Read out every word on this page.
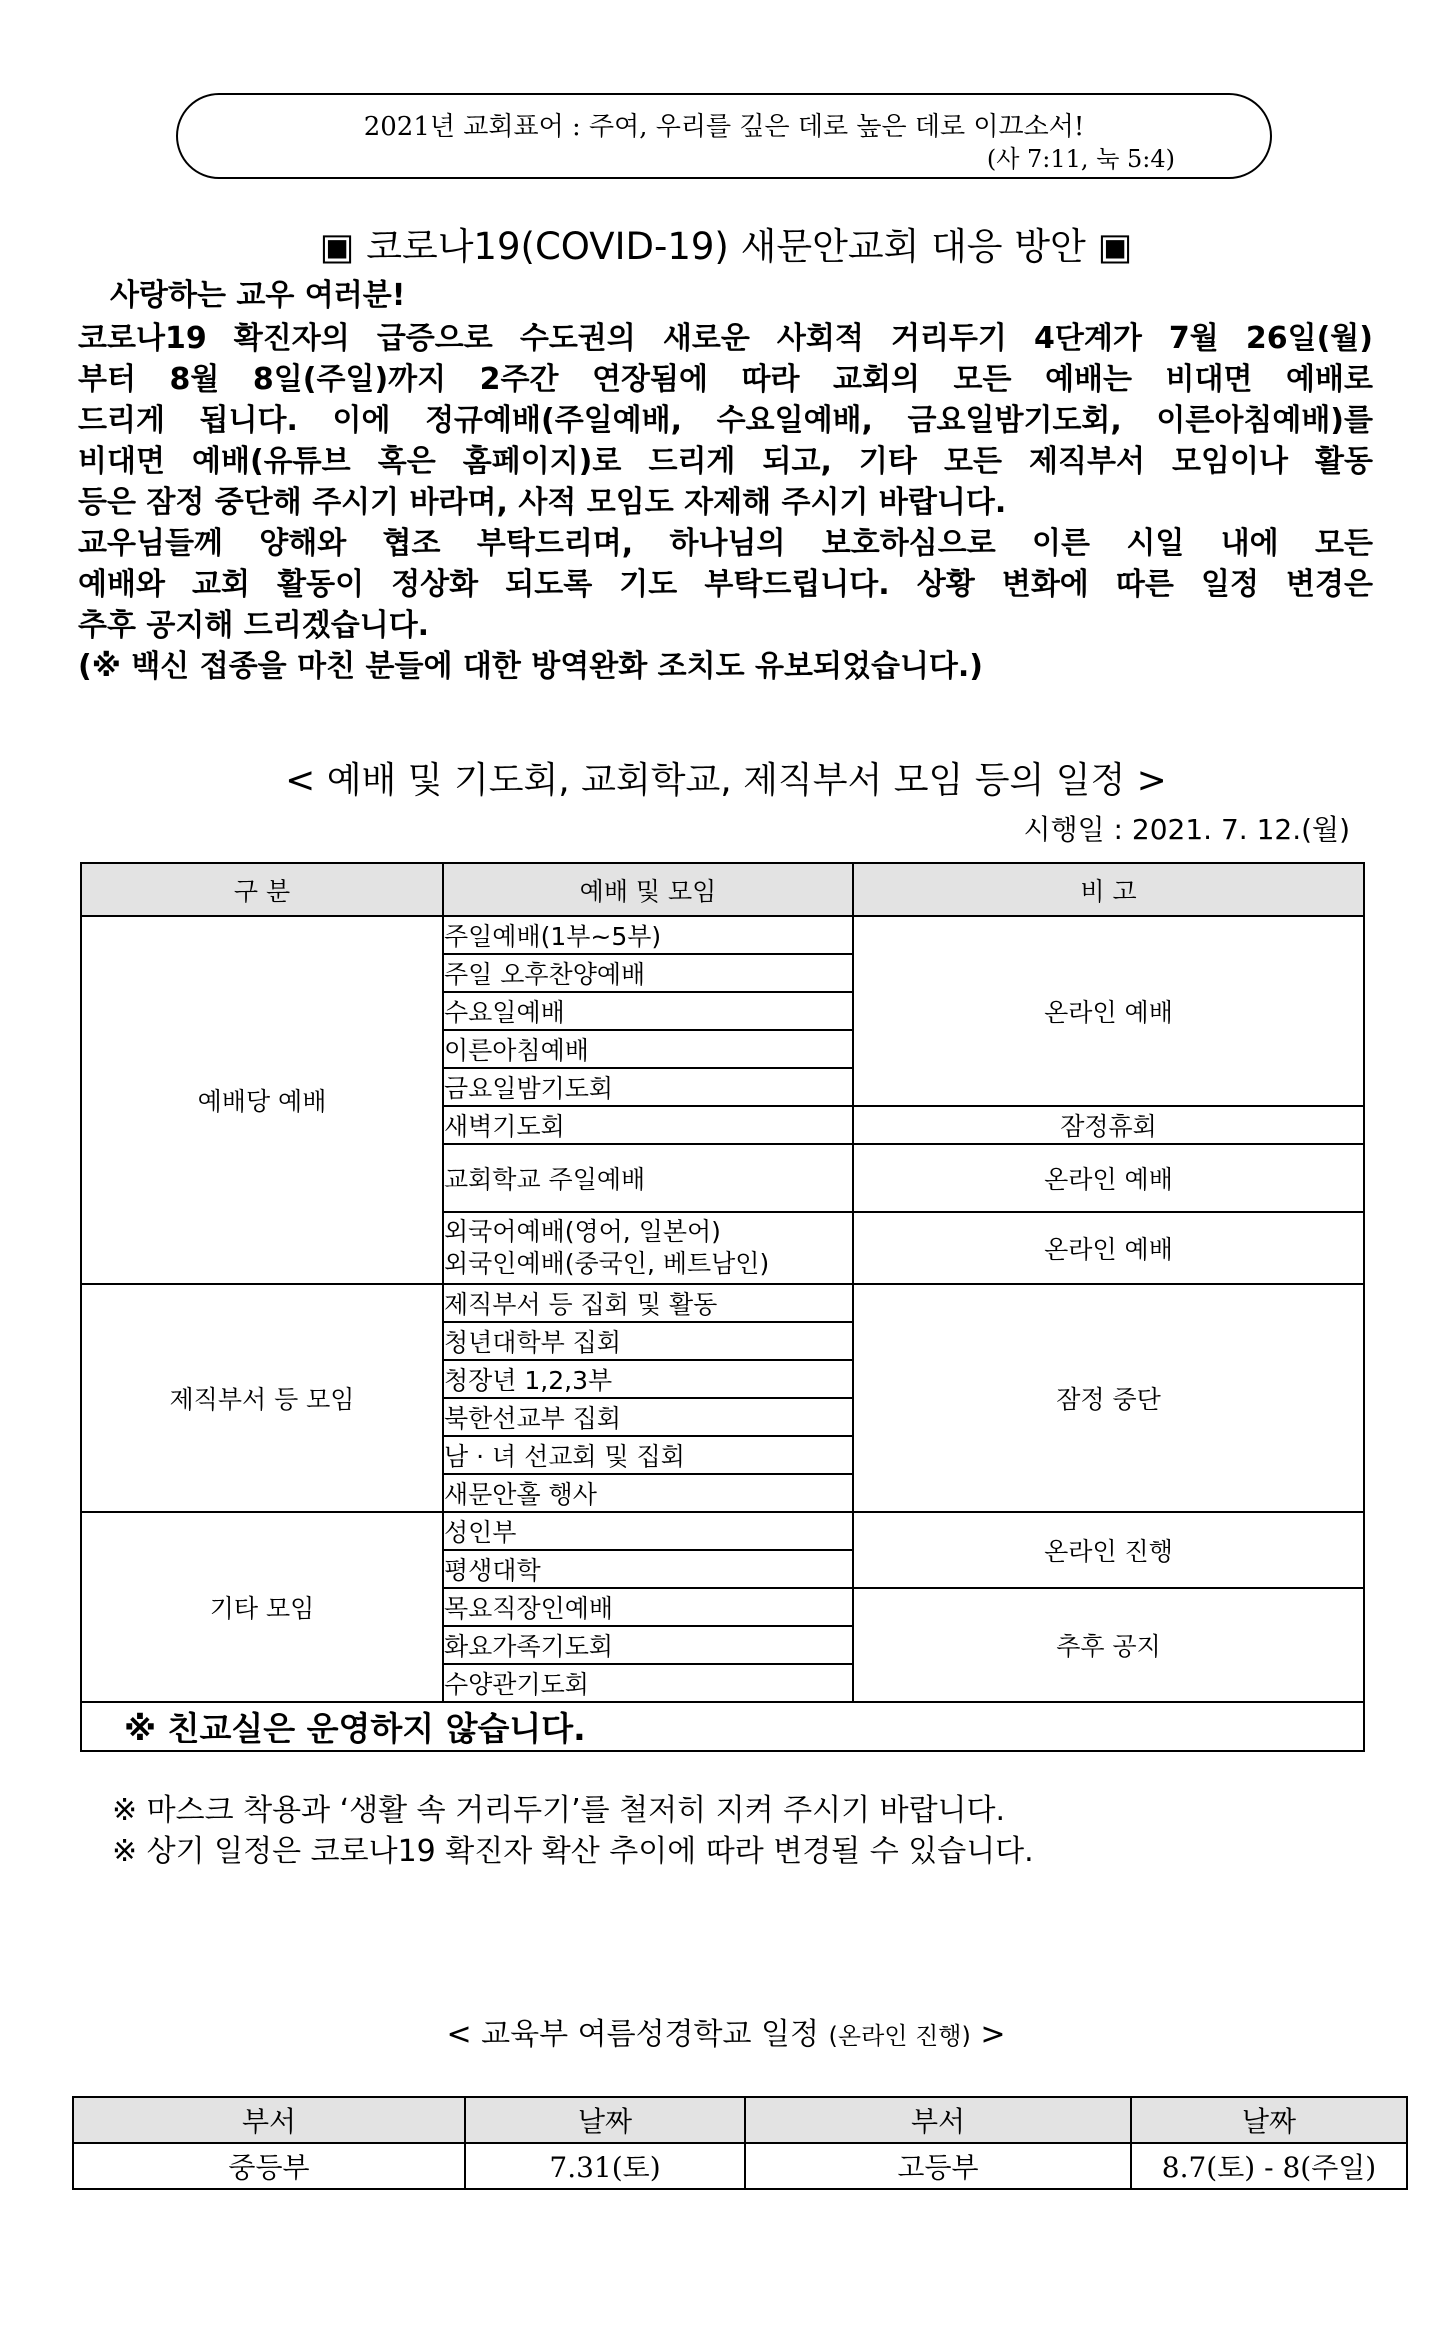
2021년 교회표어 : 주여, 우리를 깊은 데로 높은 데로 이끄소서!
(사 7:11, 눅 5:4)
▣ 코로나19(COVID-19) 새문안교회 대응 방안 ▣
사랑하는 교우 여러분!
코로나19 확진자의 급증으로 수도권의 새로운 사회적 거리두기 4단계가 7월 26일(월)
부터 8월 8일(주일)까지 2주간 연장됨에 따라 교회의 모든 예배는 비대면 예배로
드리게 됩니다. 이에 정규예배(주일예배, 수요일예배, 금요일밤기도회, 이른아침예배)를
비대면 예배(유튜브 혹은 홈페이지)로 드리게 되고, 기타 모든 제직부서 모임이나 활동
등은 잠정 중단해 주시기 바라며, 사적 모임도 자제해 주시기 바랍니다.
교우님들께 양해와 협조 부탁드리며, 하나님의 보호하심으로 이른 시일 내에 모든
예배와 교회 활동이 정상화 되도록 기도 부탁드립니다. 상황 변화에 따른 일정 변경은
추후 공지해 드리겠습니다.
(※ 백신 접종을 마친 분들에 대한 방역완화 조치도 유보되었습니다.)
< 예배 및 기도회, 교회학교, 제직부서 모임 등의 일정 >
시행일 : 2021. 7. 12.(월)
구 분	예배 및 모임	비 고
예배당 예배	주일예배(1부~5부)	온라인 예배
	주일 오후찬양예배	
	수요일예배	
	이른아침예배	
	금요일밤기도회	
	새벽기도회	잠정휴회
	교회학교 주일예배	온라인 예배

	외국어예배(영어, 일본어)
외국인예배(중국인, 베트남인)	온라인 예배
제직부서 등 모임	제직부서 등 집회 및 활동	잠정 중단
	청년대학부 집회	
	청장년 1,2,3부	
	북한선교부 집회	
	남 · 녀 선교회 및 집회	
	새문안홀 행사	
기타 모임	성인부	온라인 진행
	평생대학	
	목요직장인예배	추후 공지
	화요가족기도회	
	수양관기도회	
※ 친교실은 운영하지 않습니다.		
※ 마스크 착용과 ‘생활 속 거리두기’를 철저히 지켜 주시기 바랍니다.
※ 상기 일정은 코로나19 확진자 확산 추이에 따라 변경될 수 있습니다.
< 교육부 여름성경학교 일정 (온라인 진행) >
부서	날짜	부서	날짜
중등부	7.31(토)	고등부	8.7(토) - 8(주일)
